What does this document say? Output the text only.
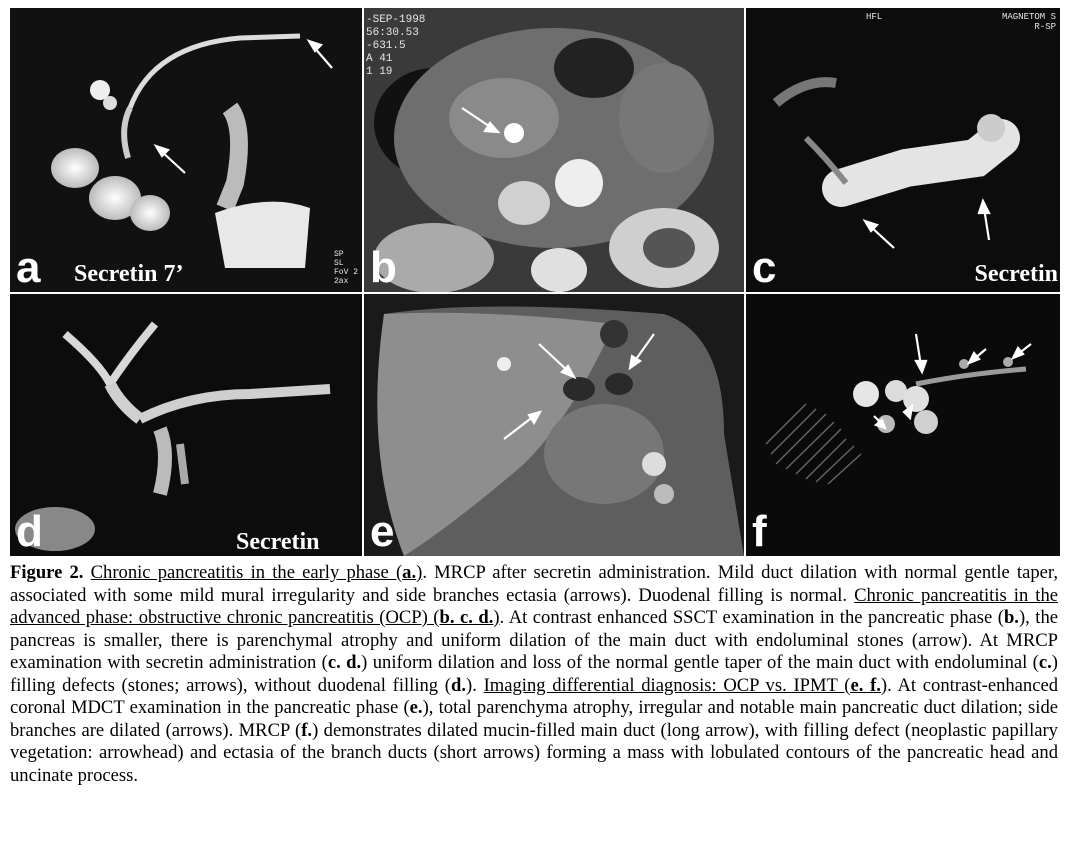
a Secretin 7’
SP
SL
FoV 2
2ax
-SEP-1998
56:30.53
-631.5
A 41
1 19
b
HFL	MAGNETOM S
R-SP
c	Secretin
d	Secretin e	f
Figure 2. Chronic pancreatitis in the early phase (a.). MRCP after secretin administration. Mild duct dilation with normal gentle taper, associated with some mild mural irregularity and side branches ectasia (arrows). Duodenal filling is normal. Chronic pancreatitis in the advanced phase: obstructive chronic pancreatitis (OCP) (b. c. d.). At contrast enhanced SSCT examination in the pancreatic phase (b.), the pancreas is smaller, there is parenchymal atrophy and uniform dilation of the main duct with endoluminal stones (arrow). At MRCP examination with secretin administration (c. d.) uniform dilation and loss of the normal gentle taper of the main duct with endoluminal (c.) filling defects (stones; arrows), without duodenal filling (d.). Imaging differential diagnosis: OCP vs. IPMT (e. f.). At contrast-enhanced coronal MDCT examination in the pancreatic phase (e.), total parenchyma atrophy, irregular and notable main pancreatic duct dilation; side branches are dilated (arrows). MRCP (f.) demonstrates dilated mucin-filled main duct (long arrow), with filling defect (neoplastic papillary vegetation: arrowhead) and ectasia of the branch ducts (short arrows) forming a mass with lobulated contours of the pancreatic head and uncinate process.
